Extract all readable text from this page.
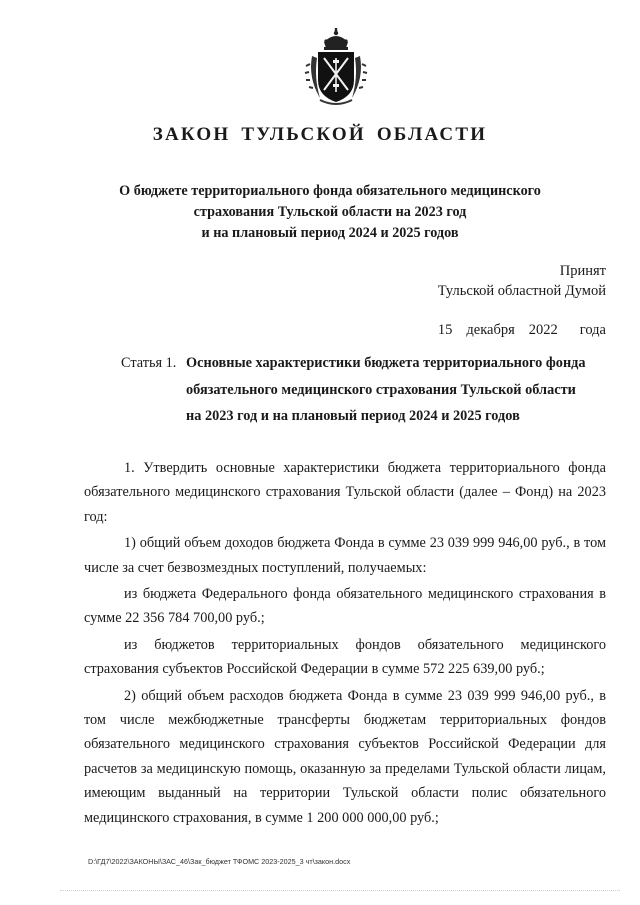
ЗАКОН ТУЛЬСКОЙ ОБЛАСТИ
О бюджете территориального фонда обязательного медицинского
страхования Тульской области на 2023 год
и на плановый период 2024 и 2025 годов
Принят
Тульской областной Думой

15 декабря 2022 года

Статья 1. Основные характеристики бюджета территориального фонда
обязательного медицинского страхования Тульской области
на 2023 год и на плановый период 2024 и 2025 годов

1. Утвердить основные характеристики бюджета территориального фонда обязательного медицинского страхования Тульской области (далее – Фонд) на 2023 год:

1) общий объем доходов бюджета Фонда в сумме 23 039 999 946,00 руб., в том числе за счет безвозмездных поступлений, получаемых:

из бюджета Федерального фонда обязательного медицинского страхования в сумме 22 356 784 700,00 руб.;

из бюджетов территориальных фондов обязательного медицинского страхования субъектов Российской Федерации в сумме 572 225 639,00 руб.;

2) общий объем расходов бюджета Фонда в сумме 23 039 999 946,00 руб., в том числе межбюджетные трансферты бюджетам территориальных фондов обязательного медицинского страхования субъектов Российской Федерации для расчетов за медицинскую помощь, оказанную за пределами Тульской области лицам, имеющим выданный на территории Тульской области полис обязательного медицинского страхования, в сумме 1 200 000 000,00 руб.;

D:\ГД7\2022\ЗАКОНЫ\ЗАС_46\Зак_бюджет ТФОМС 2023-2025_3 чт\закон.docx
